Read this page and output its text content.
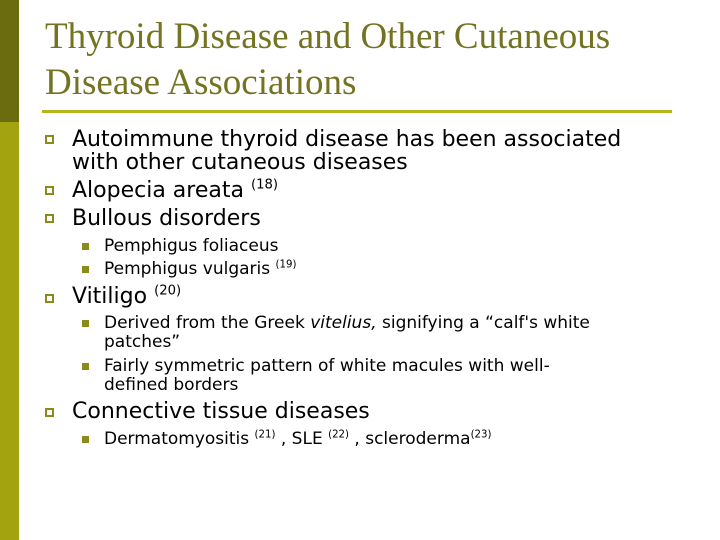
Thyroid Disease and Other Cutaneous
Disease Associations
Autoimmune thyroid disease has been associated
with other cutaneous diseases
Alopecia areata $^{(18)}$
Bullous disorders
Pemphigus foliaceus
Pemphigus vulgaris $^{(19)}$
Vitiligo $^{(20)}$
Derived from the Greek vitelius, signifying a “calf's white
patches”
Fairly symmetric pattern of white macules with well-
defined borders
Connective tissue diseases
Dermatomyositis $^{(21)}$ , SLE $^{(22)}$ , scleroderma$^{(23)}$
